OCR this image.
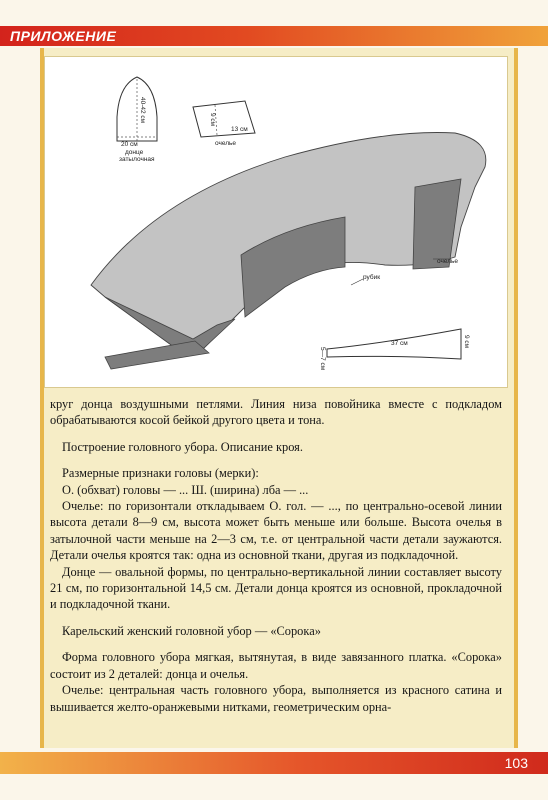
ПРИЛОЖЕНИЕ
40-42 см
20 см
донце
затылочная
9 см
13 см
очелье
очелье
рубик
5—7 см
37 см	9 см

круг донца воздушными петлями. Линия низа повойника вместе с подкладом обрабатываются косой бейкой другого цвета и тона.

Построение головного убора. Описание кроя.

Размерные признаки головы (мерки):

О. (обхват) головы — ... Ш. (ширина) лба — ...

Очелье: по горизонтали откладываем О. гол. — ..., по центрально-осевой линии высота детали 8—9 см, высота может быть меньше или больше. Высота очелья в затылочной части меньше на 2—3 см, т.е. от центральной части детали заужаются. Детали очелья кроятся так: одна из основной ткани, другая из подкладочной.

Донце — овальной формы, по центрально-вертикальной линии составляет высоту 21 см, по горизонтальной 14,5 см. Детали донца кроятся из основной, прокладочной и подкладочной ткани.

Карельский женский головной убор — «Сорока»

Форма головного убора мягкая, вытянутая, в виде завязанного платка. «Сорока» состоит из 2 деталей: донца и очелья.

Очелье: центральная часть головного убора, выполняется из красного сатина и вышивается желто-оранжевыми нитками, геометрическим орна-

103
